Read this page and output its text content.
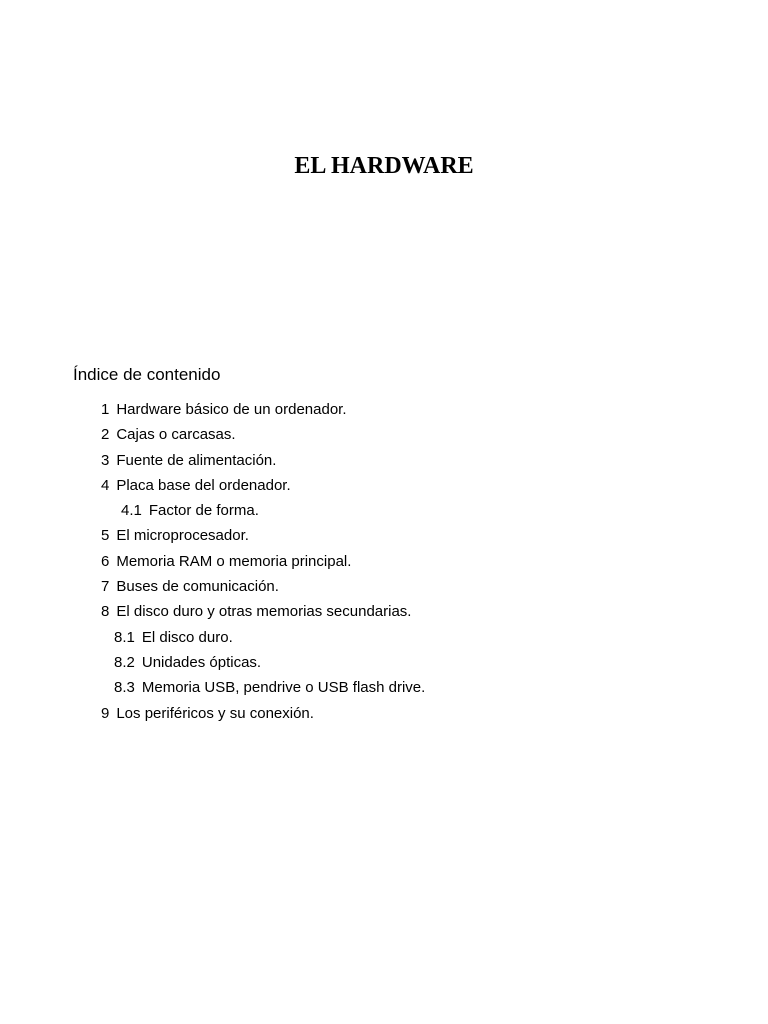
EL HARDWARE
Índice de contenido
1 Hardware básico de un ordenador.
2 Cajas o carcasas.
3 Fuente de alimentación.
4 Placa base del ordenador.
4.1 Factor de forma.
5 El microprocesador.
6 Memoria RAM o memoria principal.
7 Buses de comunicación.
8 El disco duro y otras memorias secundarias.
8.1 El disco duro.
8.2 Unidades ópticas.
8.3 Memoria USB, pendrive o USB flash drive.
9 Los periféricos y su conexión.
